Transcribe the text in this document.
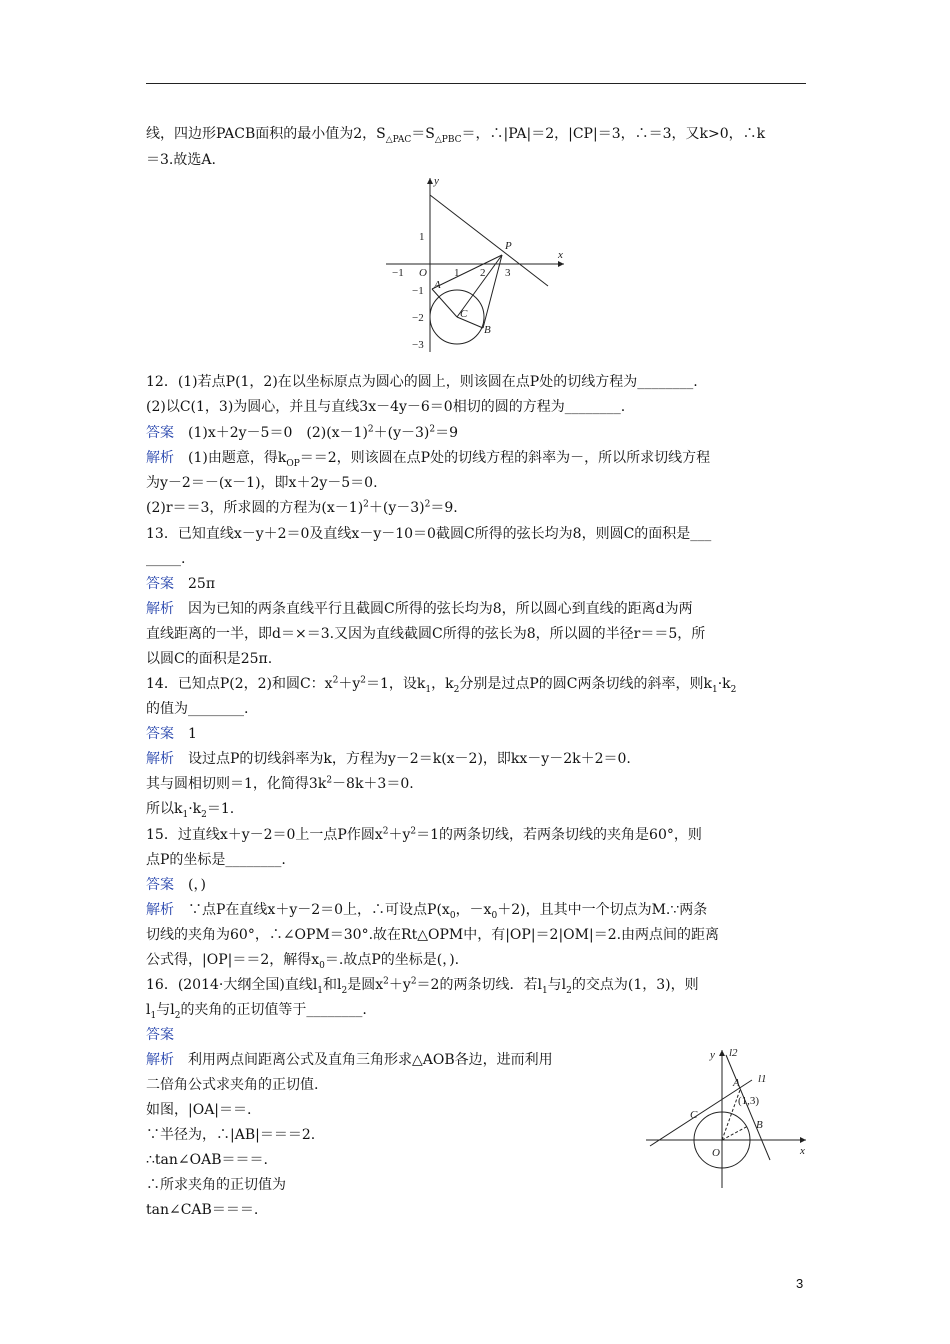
线，四边形PACB面积的最小值为2，$S_{\triangle PAC}=S_{\triangle PBC}=$，∴|PA|＝2，|CP|＝3，∴＝3，又k>0，∴k
＝3.故选A.
x
y
O
−1	1 2 3
1
−1
−2
−3
P
A
C
B
12．(1)若点P(1，2)在以坐标原点为圆心的圆上，则该圆在点P处的切线方程为________.
(2)以C(1，3)为圆心，并且与直线3x－4y－6＝0相切的圆的方程为________.
答案　(1)x＋2y－5＝0　$(2)(x-1)^2+(y-3)^2=9$
解析　(1)由题意，得$k_{OP}==2$，则该圆在点P处的切线方程的斜率为－，所以所求切线方程
为y－2＝－(x－1)，即x＋2y－5＝0.
(2)r＝＝3，所求圆的方程为$(x-1)^2+(y-3)^2=9$.
13．已知直线x－y＋2＝0及直线x－y－10＝0截圆C所得的弦长均为8，则圆C的面积是___
_____.
答案　 25π
解析　 因为已知的两条直线平行且截圆C所得的弦长均为8，所以圆心到直线的距离d为两
直线距离的一半，即d＝×＝3.又因为直线截圆C所得的弦长为8，所以圆的半径r＝＝5，所
以圆C的面积是25π.
14．已知点P(2，2)和圆C：$x^2+y^2=1$，设$k_1$，$k_2$分别是过点P的圆C两条切线的斜率，则$k_1\cdot k_2$
的值为________.
答案　 1
解析　 设过点P的切线斜率为k，方程为y－2＝k(x－2)，即kx－y－2k＋2＝0.
其与圆相切则＝1，化简得$3k^2-8k+3=0$.
所以$k_1\cdot k_2=1$.
15．过直线x＋y－2＝0上一点P作圆$x^2+y^2=1$的两条切线，若两条切线的夹角是60°，则
点P的坐标是________.
答案　 (，)
解析　∵点P在直线x＋y－2＝0上，∴可设点$P(x_0$，$-x_0+2$)，且其中一个切点为M.∵两条
切线的夹角为60°，∴∠OPM＝30°.故在Rt△OPM中，有|OP|＝2|OM|＝2.由两点间的距离
公式得，|OP|＝＝2，解得$x_0=$.故点P的坐标是(，).
16．(2014·大纲全国)直线$l_1$和$l_2$是圆$x^2+y^2=2$的两条切线．若$l_1$与$l_2$的交点为(1，3)，则
$l_1$与$l_2$的夹角的正切值等于________.
答案
解析　 利用两点间距离公式及直角三角形求△AOB各边，进而利用
二倍角公式求夹角的正切值.
如图，|OA|＝＝.
∵半径为，∴|AB|＝＝＝2.
∴tan∠OAB＝＝＝.
∴所求夹角的正切值为
tan∠CAB＝＝＝.
x
y
O
A
B
C
l2
l1
(1,3)
3
